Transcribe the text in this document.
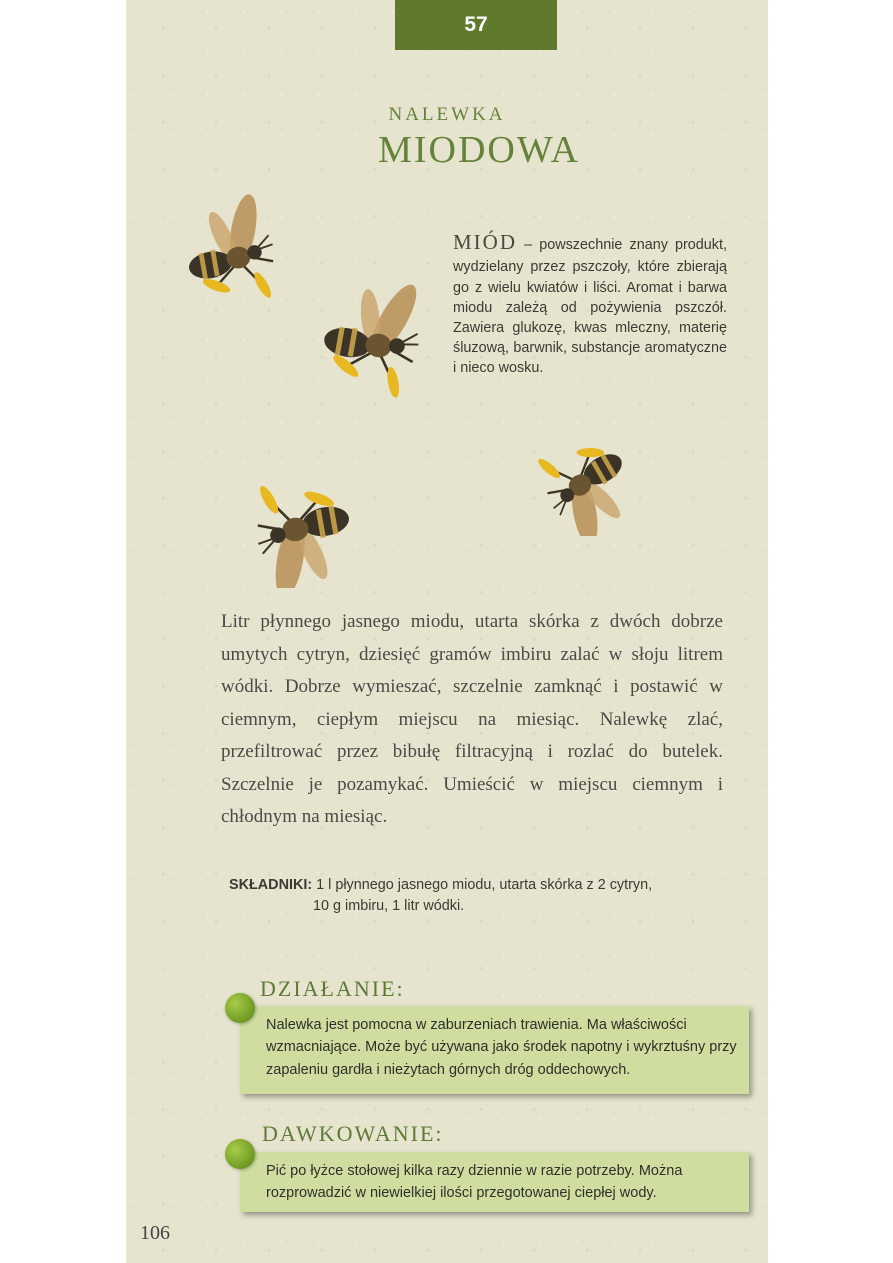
57
NALEWKA
MIODOWA
MIÓD – powszechnie znany produkt, wydzielany przez pszczoły, które zbierają go z wielu kwiatów i liści. Aromat i barwa miodu zależą od pożywienia pszczół. Zawiera glukozę, kwas mleczny, materię śluzową, barwnik, substancje aromatyczne i nieco wosku.
Litr płynnego jasnego miodu, utarta skórka z dwóch dobrze umytych cytryn, dziesięć gramów imbiru zalać w słoju litrem wódki. Dobrze wymieszać, szczelnie zamknąć i postawić w ciemnym, ciepłym miejscu na miesiąc. Nalewkę zlać, przefiltrować przez bibułę filtracyjną i rozlać do butelek. Szczelnie je pozamykać. Umieścić w miejscu ciemnym i chłodnym na miesiąc.
SKŁADNIKI: 1 l płynnego jasnego miodu, utarta skórka z 2 cytryn,
10 g imbiru, 1 litr wódki.
DZIAŁANIE:
Nalewka jest pomocna w zaburzeniach trawienia. Ma właściwości wzmacniające. Może być używana jako środek napotny i wykrztuśny przy zapaleniu gardła i nieżytach górnych dróg oddechowych.
DAWKOWANIE:
Pić po łyżce stołowej kilka razy dziennie w razie potrzeby. Można rozprowadzić w niewielkiej ilości przegotowanej ciepłej wody.
106
